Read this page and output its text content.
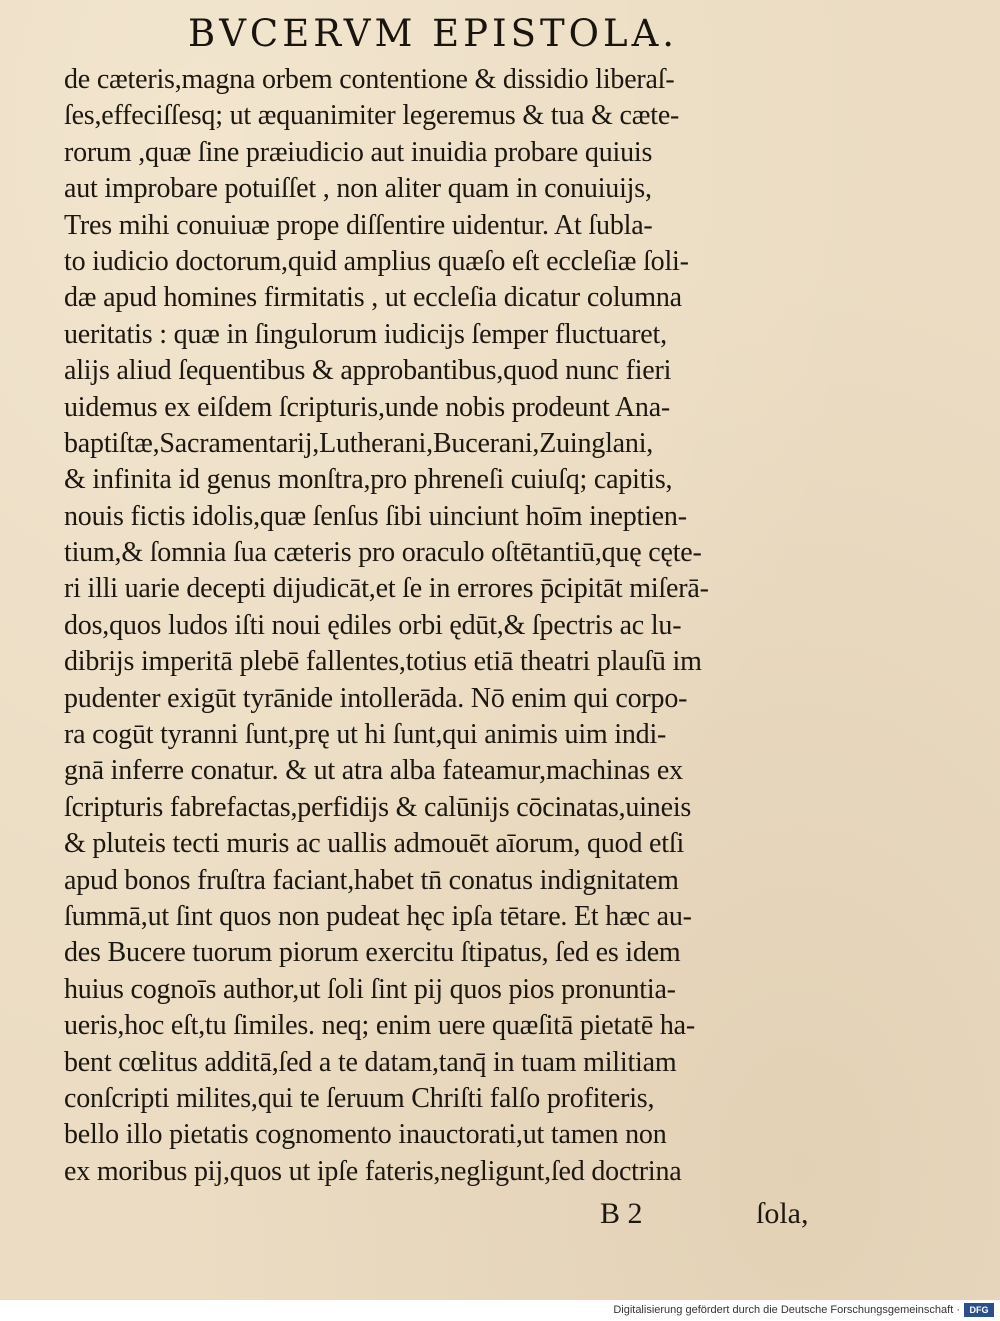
BVCERVM EPISTOLA.
de cæteris,magna orbem contentione & dissidio liberaſ-
ſes,effeciſſesq; ut æquanimiter legeremus & tua & cæte-
rorum ,quæ ſine præiudicio aut inuidia probare quiuis
aut improbare potuiſſet , non aliter quam in conuiuijs,
Tres mihi conuiuæ prope diſſentire uidentur. At ſubla-
to iudicio doctorum,quid amplius quæſo eſt eccleſiæ ſoli-
dæ apud homines firmitatis , ut eccleſia dicatur columna
ueritatis : quæ in ſingulorum iudicijs ſemper fluctuaret,
alijs aliud ſequentibus & approbantibus,quod nunc fieri
uidemus ex eiſdem ſcripturis,unde nobis prodeunt Ana-
baptiſtæ,Sacramentarij,Lutherani,Bucerani,Zuinglani,
& infinita id genus monſtra,pro phreneſi cuiuſq; capitis,
nouis fictis idolis,quæ ſenſus ſibi uinciunt hoīm ineptien-
tium,& ſomnia ſua cæteris pro oraculo oſtētantiū,quę cęte-
ri illi uarie decepti dijudicāt,et ſe in errores p̄cipitāt miſerā-
dos,quos ludos iſti noui ędiles orbi ędūt,& ſpectris ac lu-
dibrijs imperitā plebē fallentes,totius etiā theatri plauſū im
pudenter exigūt tyrānide intollerāda. Nō enim qui corpo-
ra cogūt tyranni ſunt,prę ut hi ſunt,qui animis uim indi-
gnā inferre conatur. & ut atra alba fateamur,machinas ex
ſcripturis fabrefactas,perfidijs & calūnijs cōcinatas,uineis
& pluteis tecti muris ac uallis admouēt aīorum, quod etſi
apud bonos fruſtra faciant,habet tn̄ conatus indignitatem
ſummā,ut ſint quos non pudeat hęc ipſa tētare. Et hæc au-
des Bucere tuorum piorum exercitu ſtipatus, ſed es idem
huius cognoīs author,ut ſoli ſint pij quos pios pronuntia-
ueris,hoc eſt,tu ſimiles. neq; enim uere quæſitā pietatē ha-
bent cœlitus additā,ſed a te datam,tanq̄ in tuam militiam
conſcripti milites,qui te ſeruum Chriſti falſo profiteris,
bello illo pietatis cognomento inauctorati,ut tamen non
ex moribus pij,quos ut ipſe fateris,negligunt,ſed doctrina
B 2	ſola,
Digitalisierung gefördert durch die Deutsche Forschungsgemeinschaft ·	DFG
